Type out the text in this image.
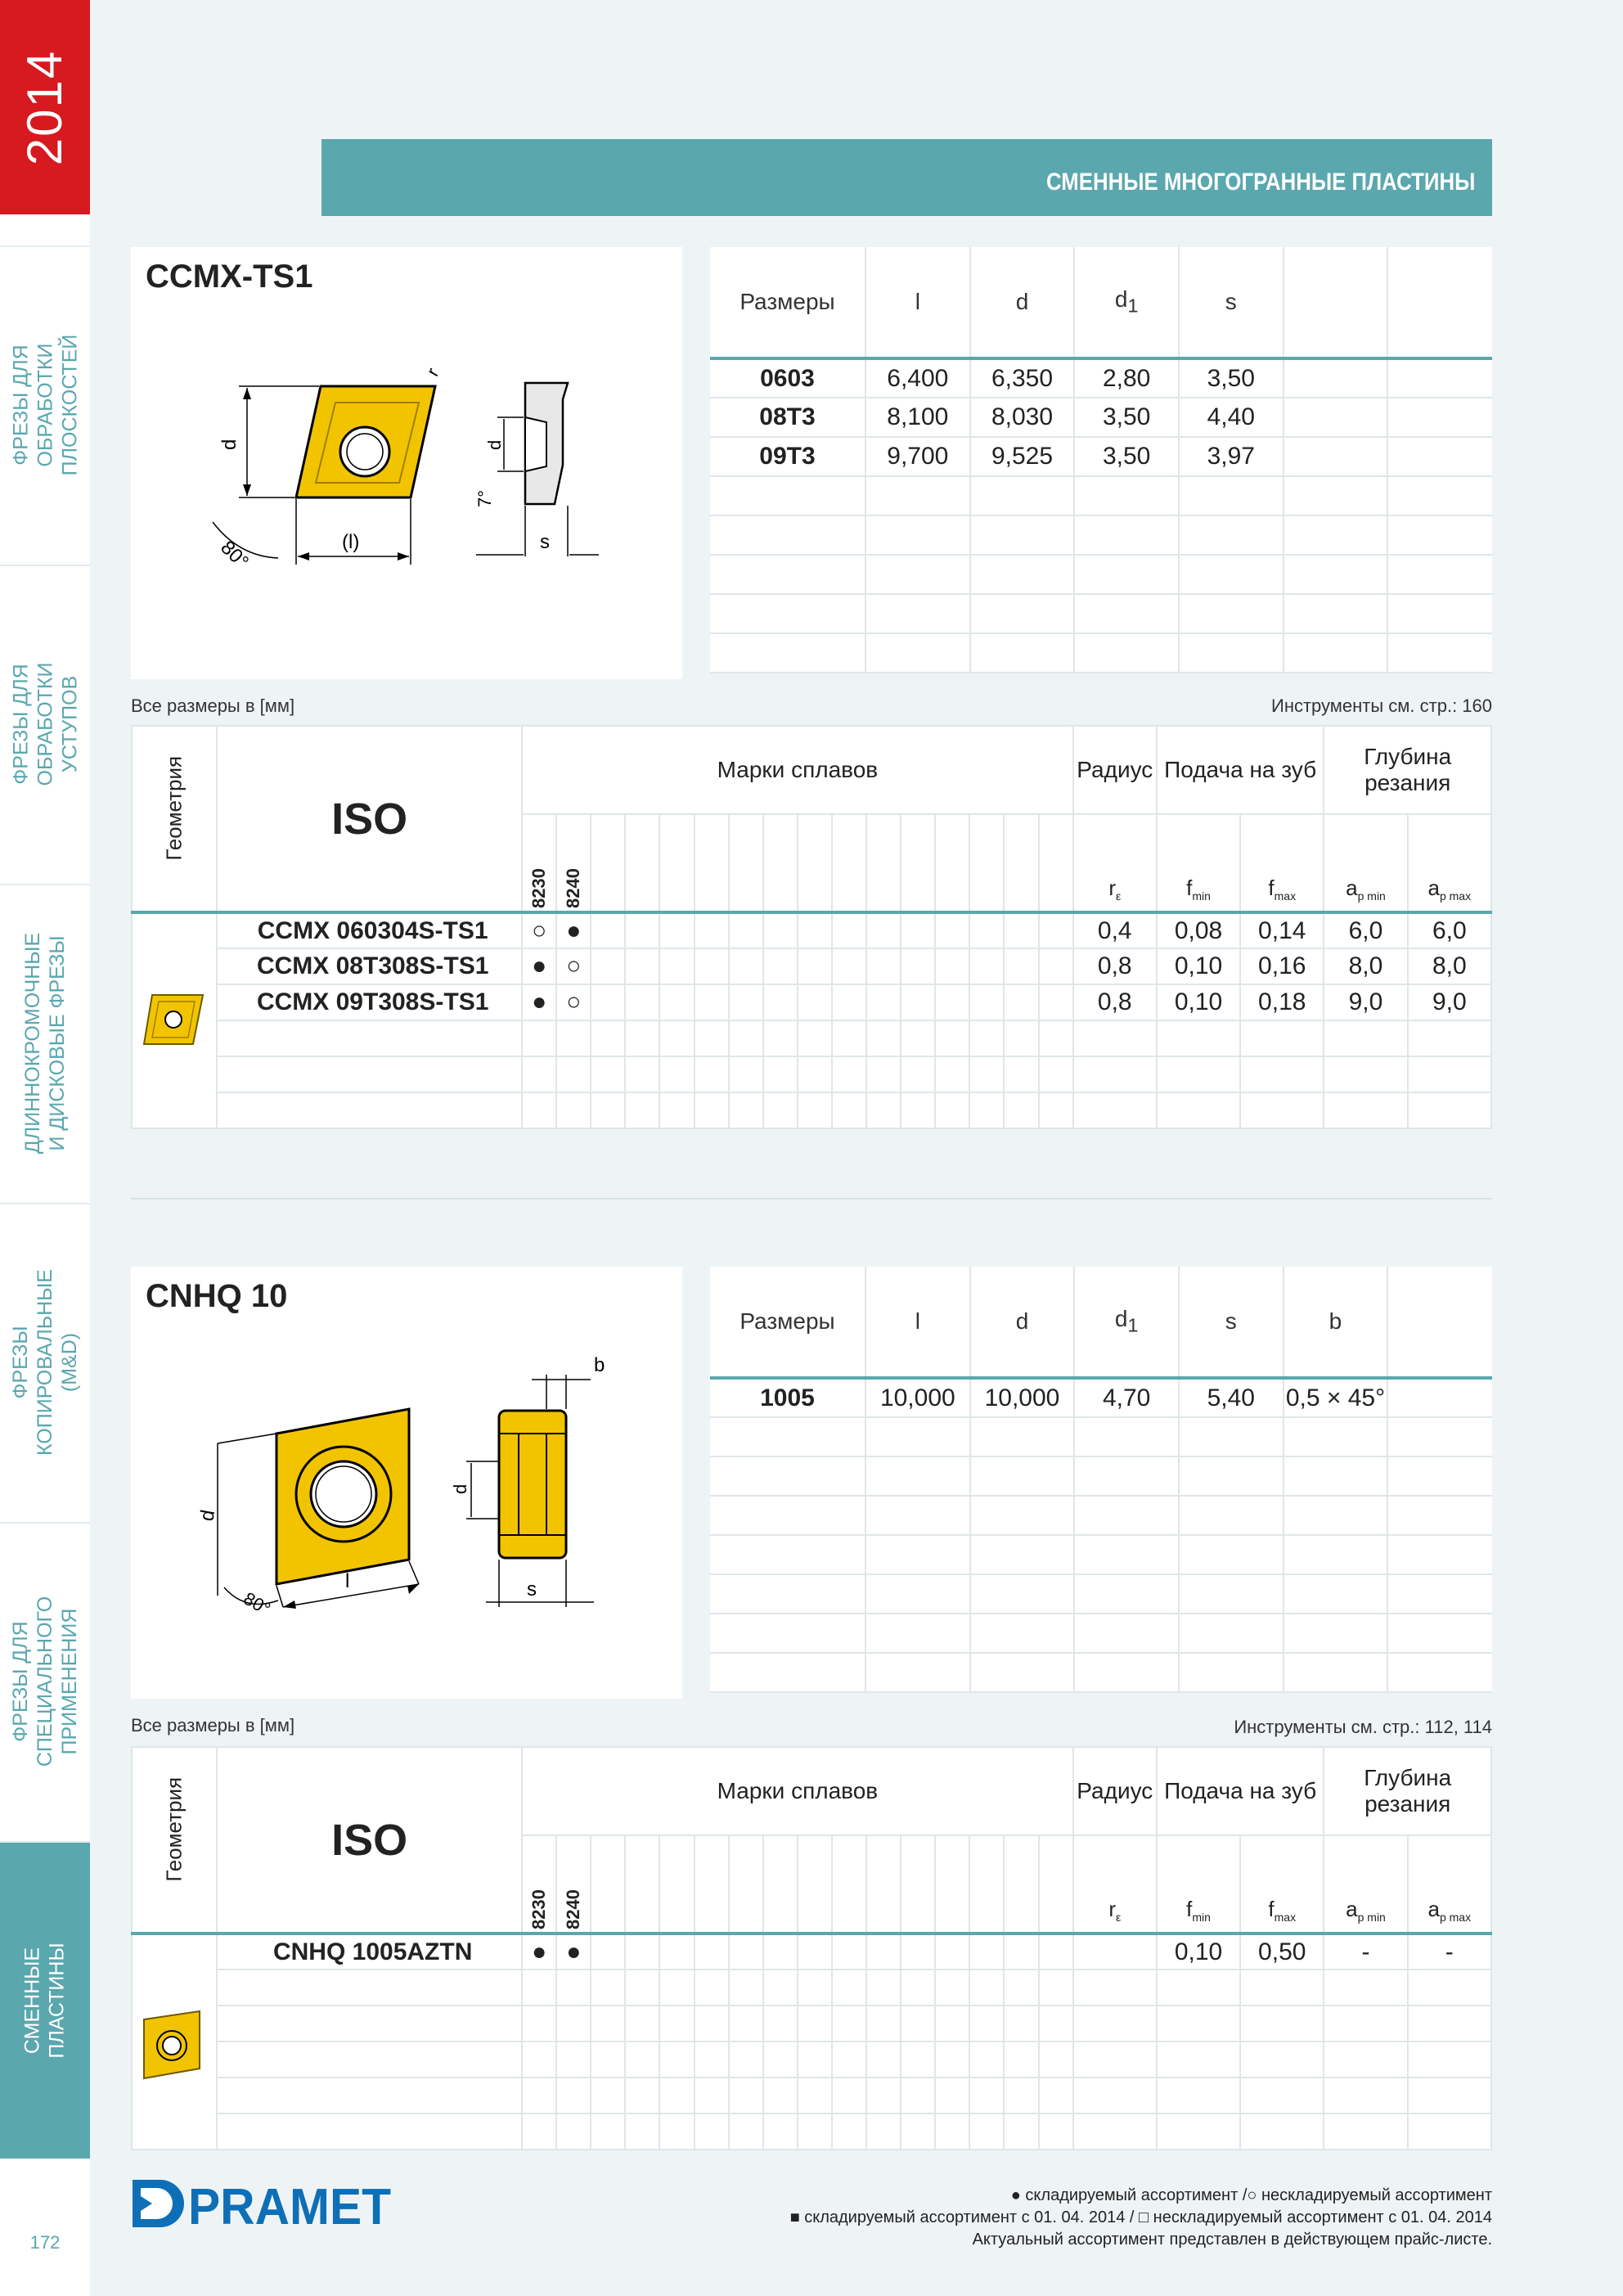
2014
ФРЕЗЫ ДЛЯ ОБРАБОТКИ
ПЛОСКОСТЕЙ
ФРЕЗЫ ДЛЯ ОБРАБОТКИ
УСТУПОВ
ДЛИННОКРОМОЧНЫЕ
И ДИСКОВЫЕ ФРЕЗЫ
ФРЕЗЫ КОПИРОВАЛЬНЫЕ
(M&D)
ФРЕЗЫ ДЛЯ СПЕЦИАЛЬНОГО
ПРИМЕНЕНИЯ
СМЕННЫЕ
ПЛАСТИНЫ
172
СМЕННЫЕ МНОГОГРАННЫЕ ПЛАСТИНЫ
CCMX-TS1
d
(l)
80°
r
d
7°
s
Размеры	l	d	$d_1$	s		
0603	6,400	6,350	2,80	3,50		
08T3	8,100	8,030	3,50	4,40		
09T3	9,700	9,525	3,50	3,97		

Все размеры в [мм]	Инструменты см. стр.: 160
Геометрия	ISO	Марки сплавов																Радиус	Подача на зуб		Глубина резания	

		8230	8240															$r_\varepsilon$	$f_{min}$	$f_{max}$	$a_{p min}$	$a_{p max}$
	CCMX 060304S-TS1	○	●															0,4	0,08	0,14	6,0	6,0
	CCMX 08T308S-TS1	●	○															0,8	0,10	0,16	8,0	8,0
	CCMX 09T308S-TS1	●	○															0,8	0,10	0,18	9,0	9,0

CNHQ 10
d
80°
l
d
b
s
Размеры	l	d	$d_1$	s	b	
1005	10,000	10,000	4,70	5,40	0,5 × 45°	

Все размеры в [мм]	Инструменты см. стр.: 112, 114
Геометрия	ISO	Марки сплавов																Радиус	Подача на зуб		Глубина резания	

		8230	8240															$r_\varepsilon$	$f_{min}$	$f_{max}$	$a_{p min}$	$a_{p max}$
	CNHQ 1005AZTN	●	●																0,10	0,50	-	-

PRAMET	● складируемый ассортимент /○ нескладируемый ассортимент
■ складируемый ассортимент с 01. 04. 2014 / □ нескладируемый ассортимент с 01. 04. 2014
Актуальный ассортимент представлен в действующем прайс-листе.
